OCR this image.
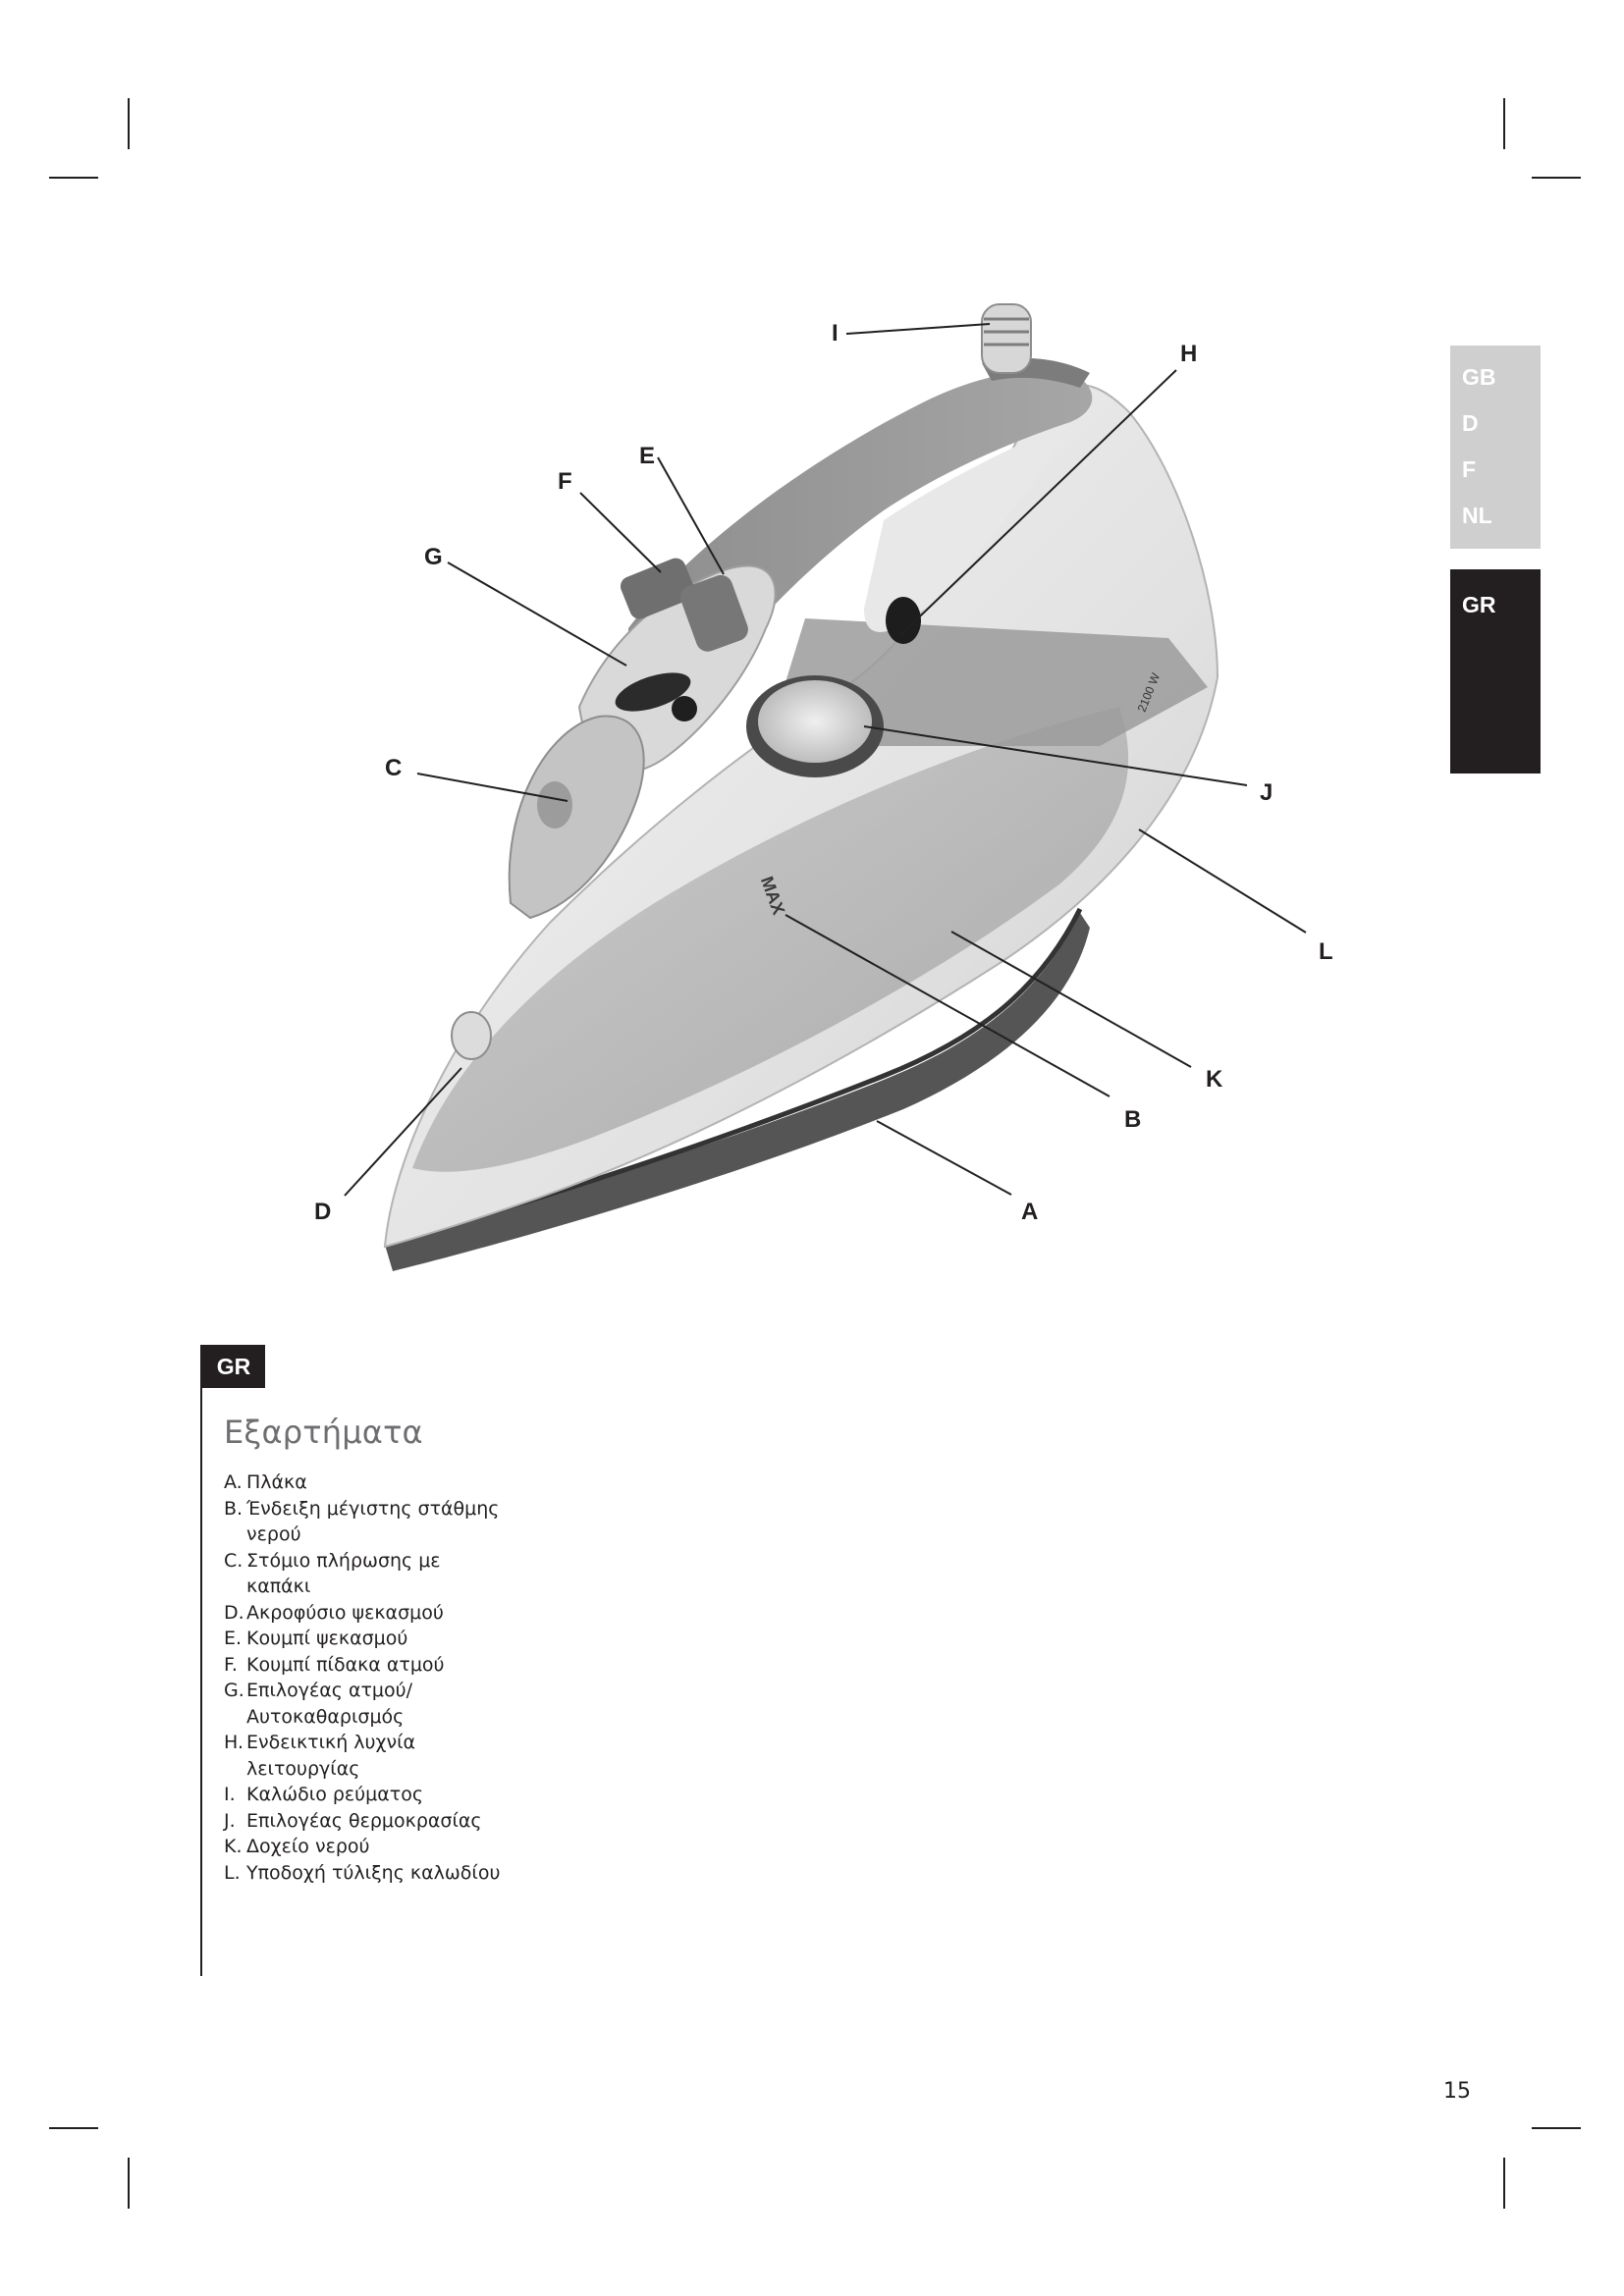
GB
D
F
NL
GR
MAX
2100 W
A
B
C
D
E
F
G
H
I
J
K
L
GR
Εξαρτήματα
A. Πλάκα
B. Ένδειξη μέγιστης στάθμης
νερού
C. Στόμιο πλήρωσης με
καπάκι
D. Ακροφύσιο ψεκασμού
E. Κουμπί ψεκασμού
F. Κουμπί πίδακα ατμού
G. Επιλογέας ατμού/
Αυτοκαθαρισμός
H. Ενδεικτική λυχνία
λειτουργίας
I. Καλώδιο ρεύματος
J. Επιλογέας θερμοκρασίας
K. Δοχείο νερού
L. Υποδοχή τύλιξης καλωδίου
15
